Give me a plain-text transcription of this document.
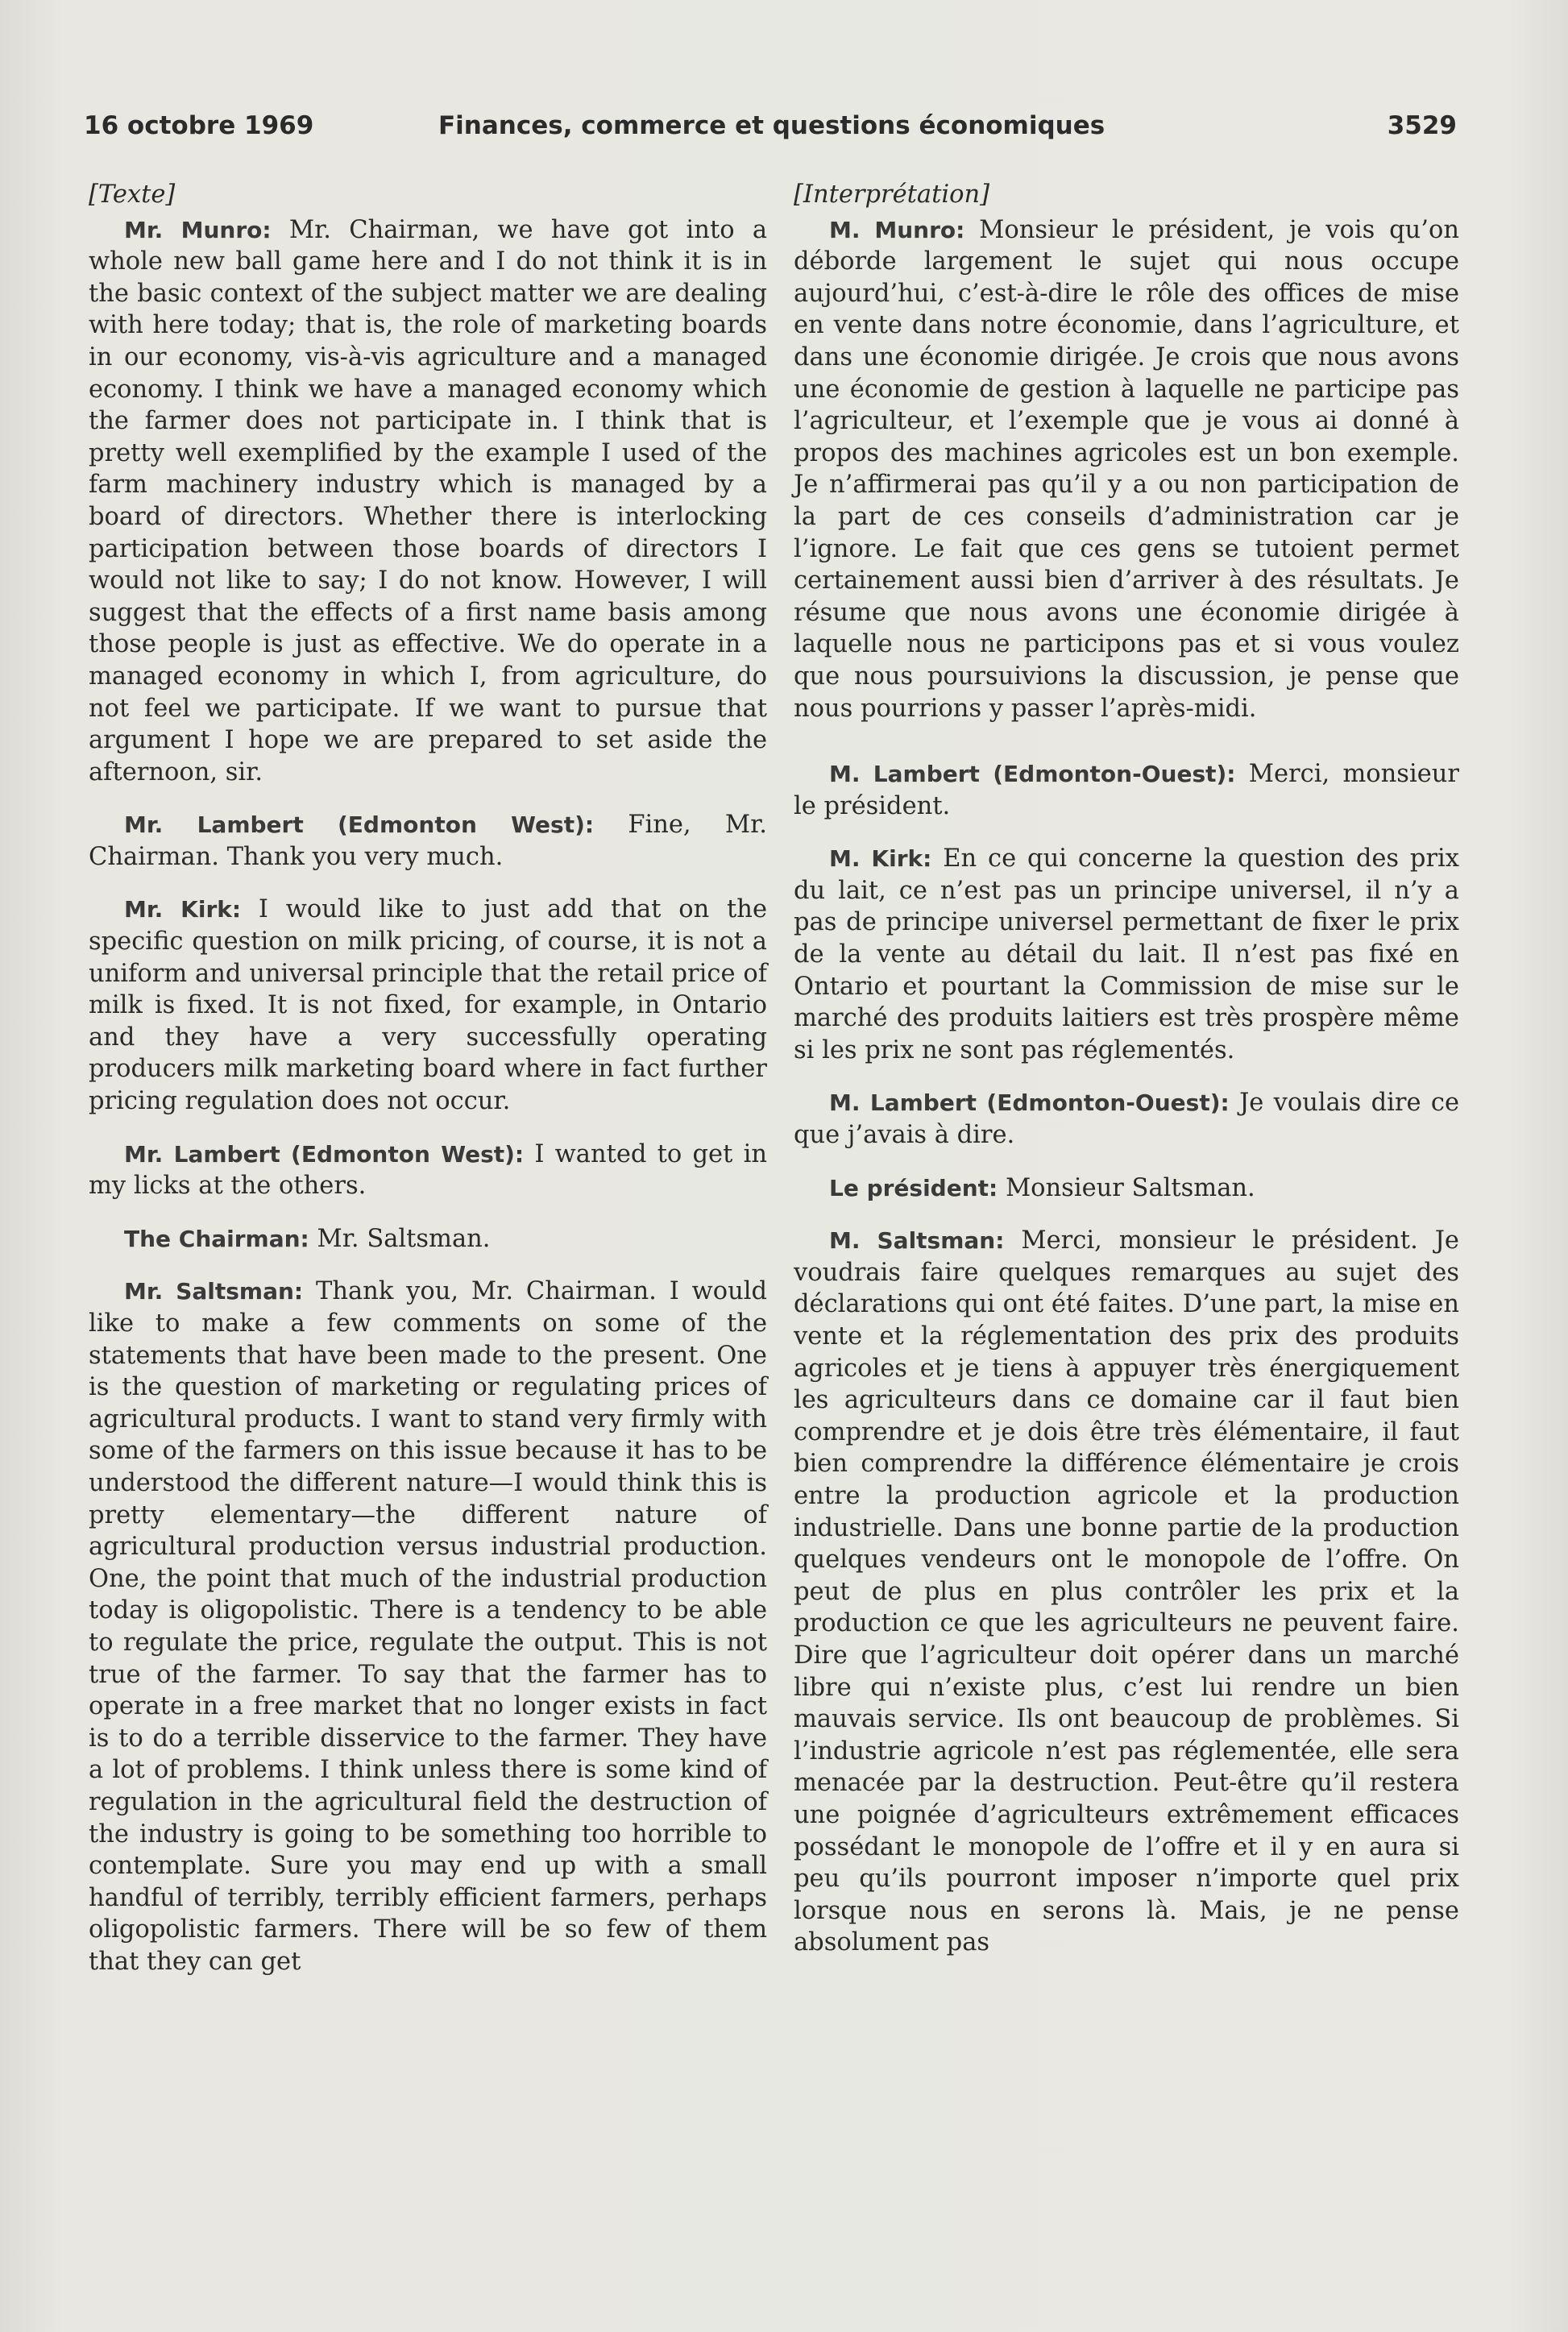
16 octobre 1969	Finances, commerce et questions économiques	3529

[Texte]

Mr. Munro: Mr. Chairman, we have got into a whole new ball game here and I do not think it is in the basic context of the subject matter we are dealing with here today; that is, the role of marketing boards in our economy, vis-à-vis agriculture and a managed economy. I think we have a managed economy which the farmer does not participate in. I think that is pretty well exemplified by the example I used of the farm machinery industry which is managed by a board of directors. Whether there is interlocking participation between those boards of directors I would not like to say; I do not know. However, I will suggest that the effects of a first name basis among those people is just as effective. We do operate in a managed economy in which I, from agriculture, do not feel we participate. If we want to pursue that argument I hope we are prepared to set aside the afternoon, sir.

Mr. Lambert (Edmonton West): Fine, Mr. Chairman. Thank you very much.

Mr. Kirk: I would like to just add that on the specific question on milk pricing, of course, it is not a uniform and universal principle that the retail price of milk is fixed. It is not fixed, for example, in Ontario and they have a very successfully operating producers milk marketing board where in fact further pricing regulation does not occur.

Mr. Lambert (Edmonton West): I wanted to get in my licks at the others.

The Chairman: Mr. Saltsman.

Mr. Saltsman: Thank you, Mr. Chairman. I would like to make a few comments on some of the statements that have been made to the present. One is the question of marketing or regulating prices of agricultural products. I want to stand very firmly with some of the farmers on this issue because it has to be understood the different nature—I would think this is pretty elementary—the different nature of agricultural production versus industrial production. One, the point that much of the industrial production today is oligopolistic. There is a tendency to be able to regulate the price, regulate the output. This is not true of the farmer. To say that the farmer has to operate in a free market that no longer exists in fact is to do a terrible disservice to the farmer. They have a lot of problems. I think unless there is some kind of regulation in the agricultural field the destruction of the industry is going to be something too horrible to contemplate. Sure you may end up with a small handful of terribly, terribly efficient farmers, perhaps oligopolistic farmers. There will be so few of them that they can get

[Interprétation]

M. Munro: Monsieur le président, je vois qu’on déborde largement le sujet qui nous occupe aujourd’hui, c’est-à-dire le rôle des offices de mise en vente dans notre économie, dans l’agriculture, et dans une économie dirigée. Je crois que nous avons une économie de gestion à laquelle ne participe pas l’agriculteur, et l’exemple que je vous ai donné à propos des machines agricoles est un bon exemple. Je n’affirmerai pas qu’il y a ou non participation de la part de ces conseils d’administration car je l’ignore. Le fait que ces gens se tutoient permet certainement aussi bien d’arriver à des résultats. Je résume que nous avons une économie dirigée à laquelle nous ne participons pas et si vous voulez que nous poursuivions la discussion, je pense que nous pourrions y passer l’après-midi.

M. Lambert (Edmonton-Ouest): Merci, monsieur le président.

M. Kirk: En ce qui concerne la question des prix du lait, ce n’est pas un principe universel, il n’y a pas de principe universel permettant de fixer le prix de la vente au détail du lait. Il n’est pas fixé en Ontario et pourtant la Commission de mise sur le marché des produits laitiers est très prospère même si les prix ne sont pas réglementés.

M. Lambert (Edmonton-Ouest): Je voulais dire ce que j’avais à dire.

Le président: Monsieur Saltsman.

M. Saltsman: Merci, monsieur le président. Je voudrais faire quelques remarques au sujet des déclarations qui ont été faites. D’une part, la mise en vente et la réglementation des prix des produits agricoles et je tiens à appuyer très énergiquement les agriculteurs dans ce domaine car il faut bien comprendre et je dois être très élémentaire, il faut bien comprendre la différence élémentaire je crois entre la production agricole et la production industrielle. Dans une bonne partie de la production quelques vendeurs ont le monopole de l’offre. On peut de plus en plus contrôler les prix et la production ce que les agriculteurs ne peuvent faire. Dire que l’agriculteur doit opérer dans un marché libre qui n’existe plus, c’est lui rendre un bien mauvais service. Ils ont beaucoup de problèmes. Si l’industrie agricole n’est pas réglementée, elle sera menacée par la destruction. Peut-être qu’il restera une poignée d’agriculteurs extrêmement efficaces possédant le monopole de l’offre et il y en aura si peu qu’ils pourront imposer n’importe quel prix lorsque nous en serons là. Mais, je ne pense absolument pas
